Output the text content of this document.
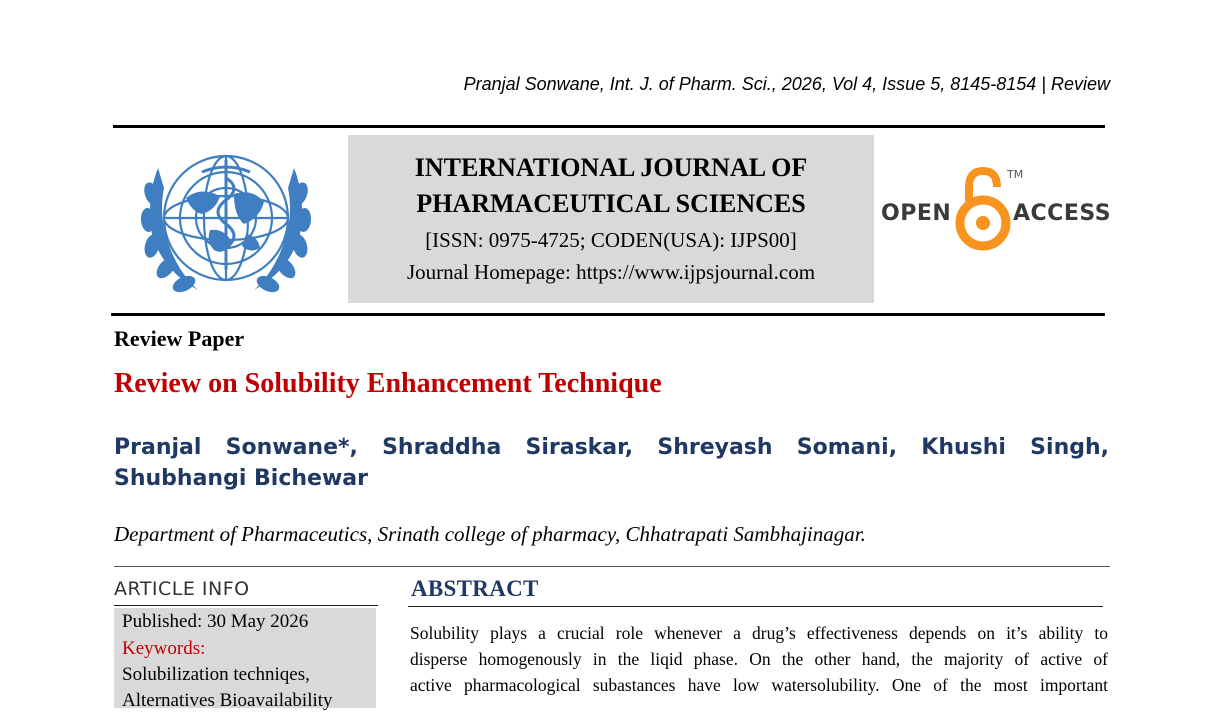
Pranjal Sonwane, Int. J. of Pharm. Sci., 2026, Vol 4, Issue 5, 8145-8154 | Review
INTERNATIONAL JOURNAL OF
PHARMACEUTICAL SCIENCES
[ISSN: 0975-4725; CODEN(USA): IJPS00]
Journal Homepage: https://www.ijpsjournal.com
OPEN
TM
ACCESS
Review Paper
Review on Solubility Enhancement Technique
Pranjal Sonwane*, Shraddha Siraskar, Shreyash Somani, Khushi Singh, Shubhangi Bichewar
Department of Pharmaceutics, Srinath college of pharmacy, Chhatrapati Sambhajinagar.
ARTICLE INFO
Published: 30 May 2026
Keywords:
Solubilization techniqes,
Alternatives Bioavailability
ABSTRACT
Solubility plays a crucial role whenever a drug’s effectiveness depends on it’s ability to
disperse homogenously in the liqid phase. On the other hand, the majority of active of
active pharmacological subastances have low watersolubility. One of the most important
